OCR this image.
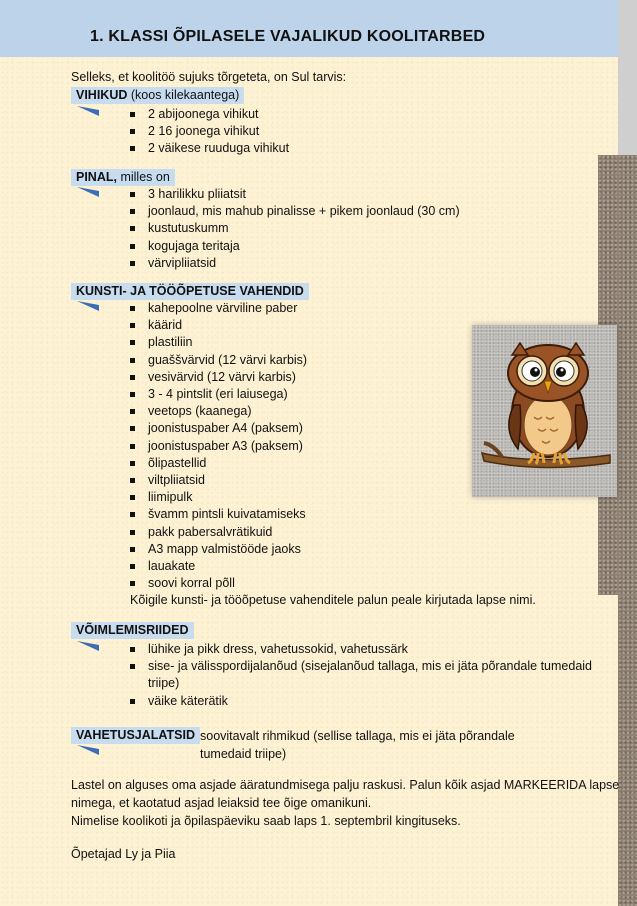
1. KLASSI ÕPILASELE VAJALIKUD KOOLITARBED
Selleks, et koolitöö sujuks tõrgeteta, on Sul tarvis:
VIHIKUD (koos kilekaantega)
2 abijoonega vihikut
2 16 joonega vihikut
2 väikese ruuduga vihikut
PINAL, milles on
3 harilikku pliiatsit
joonlaud, mis mahub pinalisse + pikem joonlaud (30 cm)
kustutuskumm
kogujaga teritaja
värvipliiatsid
KUNSTI- JA TÖÖÕPETUSE VAHENDID
kahepoolne värviline paber
käärid
plastiliin
guaššvärvid (12 värvi karbis)
vesivärvid (12 värvi karbis)
3 - 4 pintslit (eri laiusega)
veetops (kaanega)
joonistuspaber A4 (paksem)
joonistuspaber A3 (paksem)
õlipastellid
viltpliiatsid
liimipulk
švamm pintsli kuivatamiseks
pakk pabersalvrätikuid
A3 mapp valmistööde jaoks
lauakate
soovi korral põll
Kõigile kunsti- ja tööõpetuse vahenditele palun peale kirjutada lapse nimi.
VÕIMLEMISRIIDED
lühike ja pikk dress, vahetussokid, vahetussärk
sise- ja välisspordijalanõud (sisejalanõud tallaga, mis ei jäta põrandale tumedaid
triipe)
väike käterätik
VAHETUSJALATSID soovitavalt rihmikud (sellise tallaga, mis ei jäta põrandale
tumedaid triipe)
Lastel on alguses oma asjade ääratundmisega palju raskusi. Palun kõik asjad MARKEERIDA lapse
nimega, et kaotatud asjad leiaksid tee õige omanikuni.
Nimelise koolikoti ja õpilaspäeviku saab laps 1. septembril kingituseks.
Õpetajad Ly ja Piia
